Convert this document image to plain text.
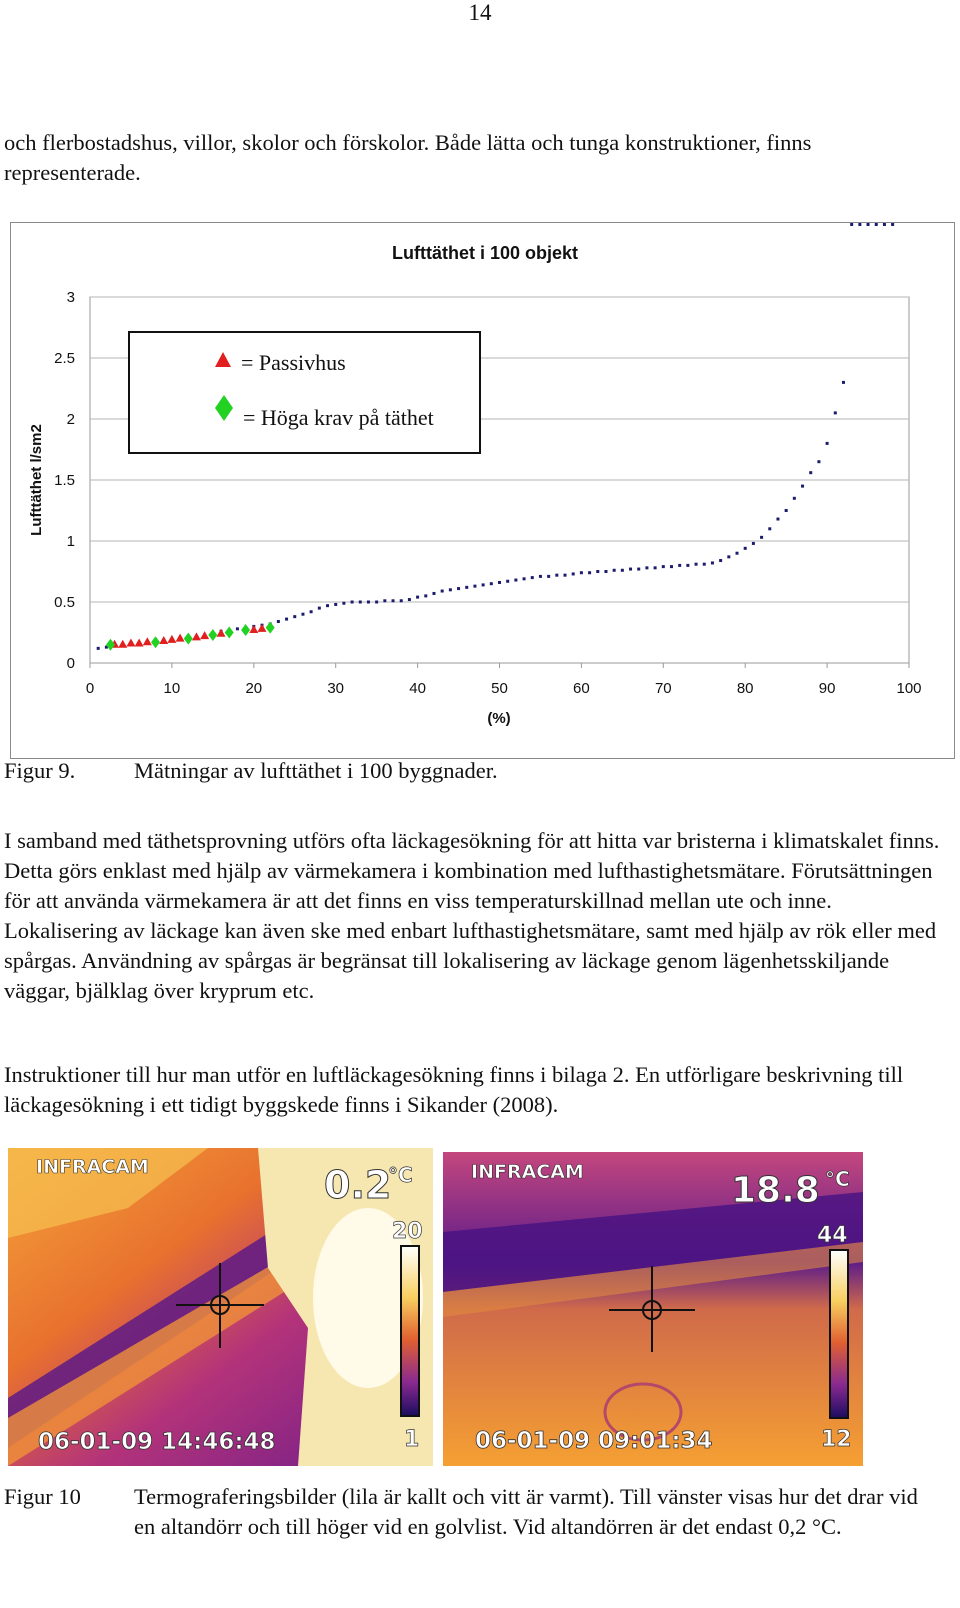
14

och flerbostadshus, villor, skolor och förskolor. Både lätta och tunga konstruktioner, finns representerade.

Lufttäthet i 100 objekt
0
0.5
1
1.5
2
2.5
3
0	10	20	30	40	50	60	70	80	90	100
Lufttäthet l/sm2
(%)
= Passivhus
= Höga krav på täthet
Figur 9.	Mätningar av lufttäthet i 100 byggnader.

I samband med täthetsprovning utförs ofta läckagesökning för att hitta var bristerna i klimatskalet finns. Detta görs enklast med hjälp av värmekamera i kombination med lufthastighetsmätare. Förutsättningen för att använda värmekamera är att det finns en viss temperaturskillnad mellan ute och inne. Lokalisering av läckage kan även ske med enbart lufthastighetsmätare, samt med hjälp av rök eller med spårgas. Användning av spårgas är begränsat till lokalisering av läckage genom lägenhetsskiljande väggar, bjälklag över kryprum etc.

Instruktioner till hur man utför en luftläckagesökning finns i bilaga 2. En utförligare beskrivning till läckagesökning i ett tidigt byggskede finns i Sikander (2008).

INFRACAM	0.2
°C
20
1
06-01-09 14:46:48
INFRACAM	18.8 °C
44
12
06-01-09 09:01:34
Figur 10 Termograferingsbilder (lila är kallt och vitt är varmt). Till vänster visas hur det drar vid en altandörr och till höger vid en golvlist. Vid altandörren är det endast 0,2 °C.
